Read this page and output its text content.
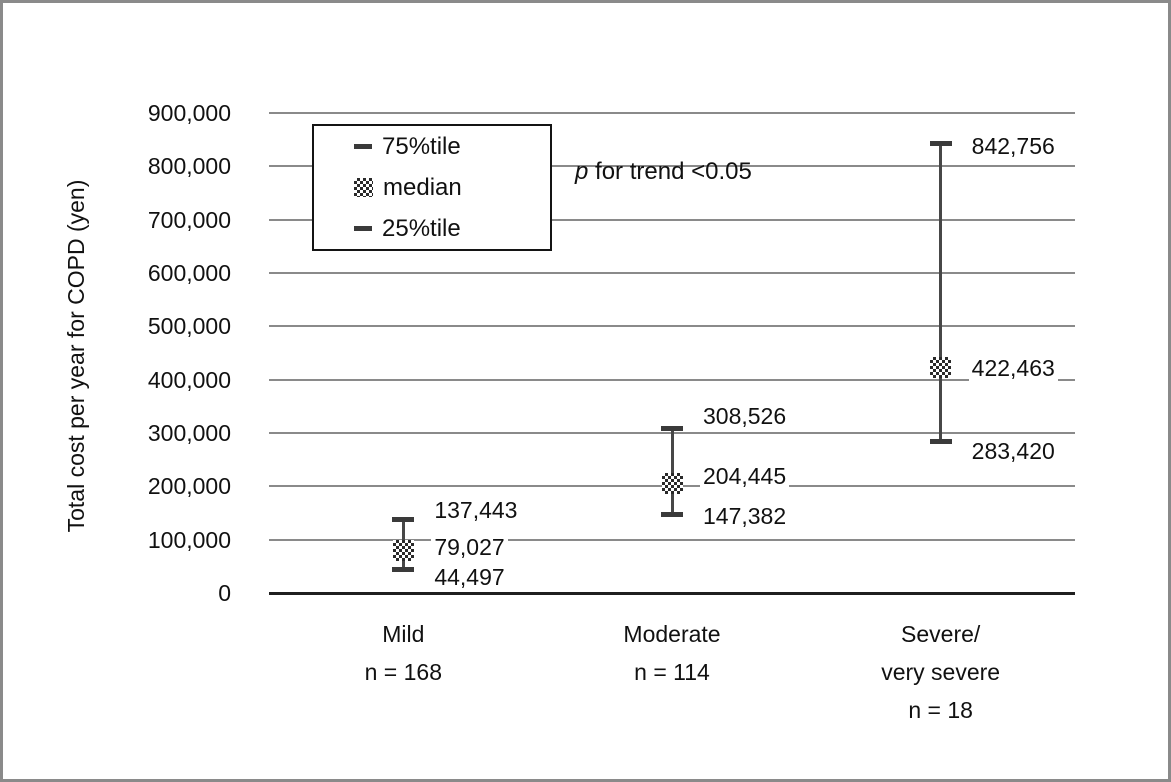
Total cost per year for COPD (yen)
0
100,000
200,000
300,000
400,000
500,000
600,000
700,000
800,000
900,000
137,443
79,027
44,497
Mild
n = 168
308,526
204,445
147,382
Moderate
n = 114
842,756
422,463
283,420
Severe/
very severe
n = 18
75%tile
median
25%tile

p for trend <0.05
